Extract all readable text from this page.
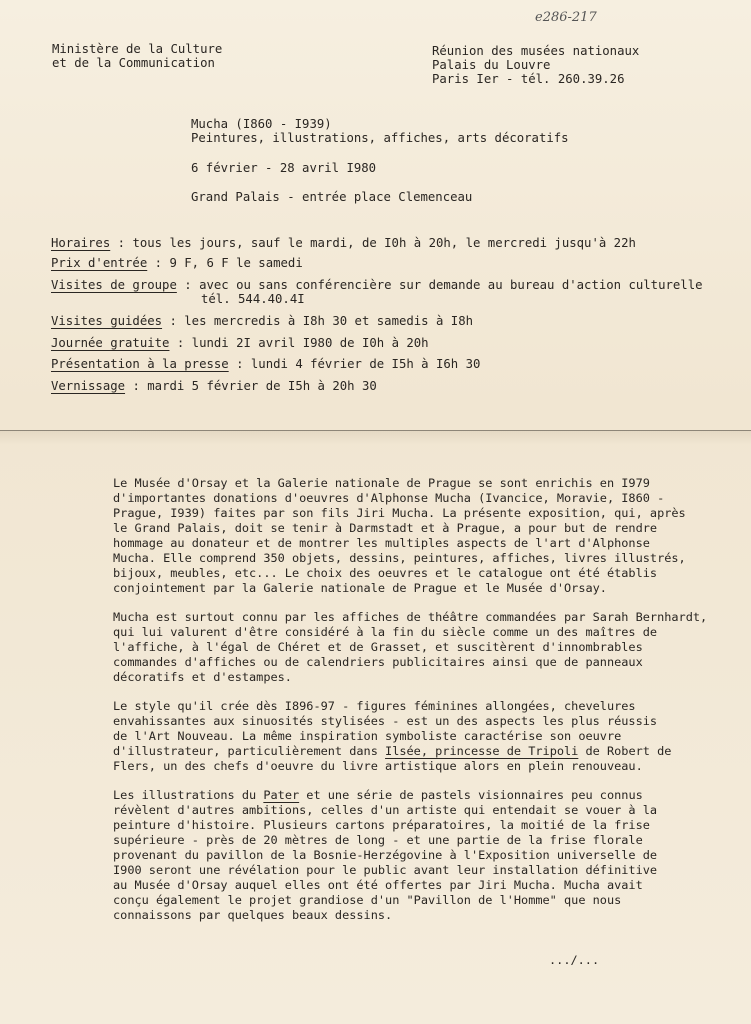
e286-217
Ministère de la Culture
et de la Communication
Réunion des musées nationaux
Palais du Louvre
Paris Ier - tél. 260.39.26
Mucha (I860 - I939)
Peintures, illustrations, affiches, arts décoratifs
6 février - 28 avril I980
Grand Palais - entrée place Clemenceau
Horaires : tous les jours, sauf le mardi, de I0h à 20h, le mercredi jusqu'à 22h
Prix d'entrée : 9 F, 6 F le samedi
Visites de groupe : avec ou sans conférencière sur demande au bureau d'action culturelle
tél. 544.40.4I
Visites guidées : les mercredis à I8h 30 et samedis à I8h
Journée gratuite : lundi 2I avril I980 de I0h à 20h
Présentation à la presse : lundi 4 février de I5h à I6h 30
Vernissage : mardi 5 février de I5h à 20h 30
Le Musée d'Orsay et la Galerie nationale de Prague se sont enrichis en I979
d'importantes donations d'oeuvres d'Alphonse Mucha (Ivancice, Moravie, I860 -
Prague, I939) faites par son fils Jiri Mucha. La présente exposition, qui, après
le Grand Palais, doit se tenir à Darmstadt et à Prague, a pour but de rendre
hommage au donateur et de montrer les multiples aspects de l'art d'Alphonse
Mucha. Elle comprend 350 objets, dessins, peintures, affiches, livres illustrés,
bijoux, meubles, etc... Le choix des oeuvres et le catalogue ont été établis
conjointement par la Galerie nationale de Prague et le Musée d'Orsay.
Mucha est surtout connu par les affiches de théâtre commandées par Sarah Bernhardt,
qui lui valurent d'être considéré à la fin du siècle comme un des maîtres de
l'affiche, à l'égal de Chéret et de Grasset, et suscitèrent d'innombrables
commandes d'affiches ou de calendriers publicitaires ainsi que de panneaux
décoratifs et d'estampes.
Le style qu'il crée dès I896-97 - figures féminines allongées, chevelures
envahissantes aux sinuosités stylisées - est un des aspects les plus réussis
de l'Art Nouveau. La même inspiration symboliste caractérise son oeuvre
d'illustrateur, particulièrement dans Ilsée, princesse de Tripoli de Robert de
Flers, un des chefs d'oeuvre du livre artistique alors en plein renouveau.
Les illustrations du Pater et une série de pastels visionnaires peu connus
révèlent d'autres ambitions, celles d'un artiste qui entendait se vouer à la
peinture d'histoire. Plusieurs cartons préparatoires, la moitié de la frise
supérieure - près de 20 mètres de long - et une partie de la frise florale
provenant du pavillon de la Bosnie-Herzégovine à l'Exposition universelle de
I900 seront une révélation pour le public avant leur installation définitive
au Musée d'Orsay auquel elles ont été offertes par Jiri Mucha. Mucha avait
conçu également le projet grandiose d'un "Pavillon de l'Homme" que nous
connaissons par quelques beaux dessins.
.../...
